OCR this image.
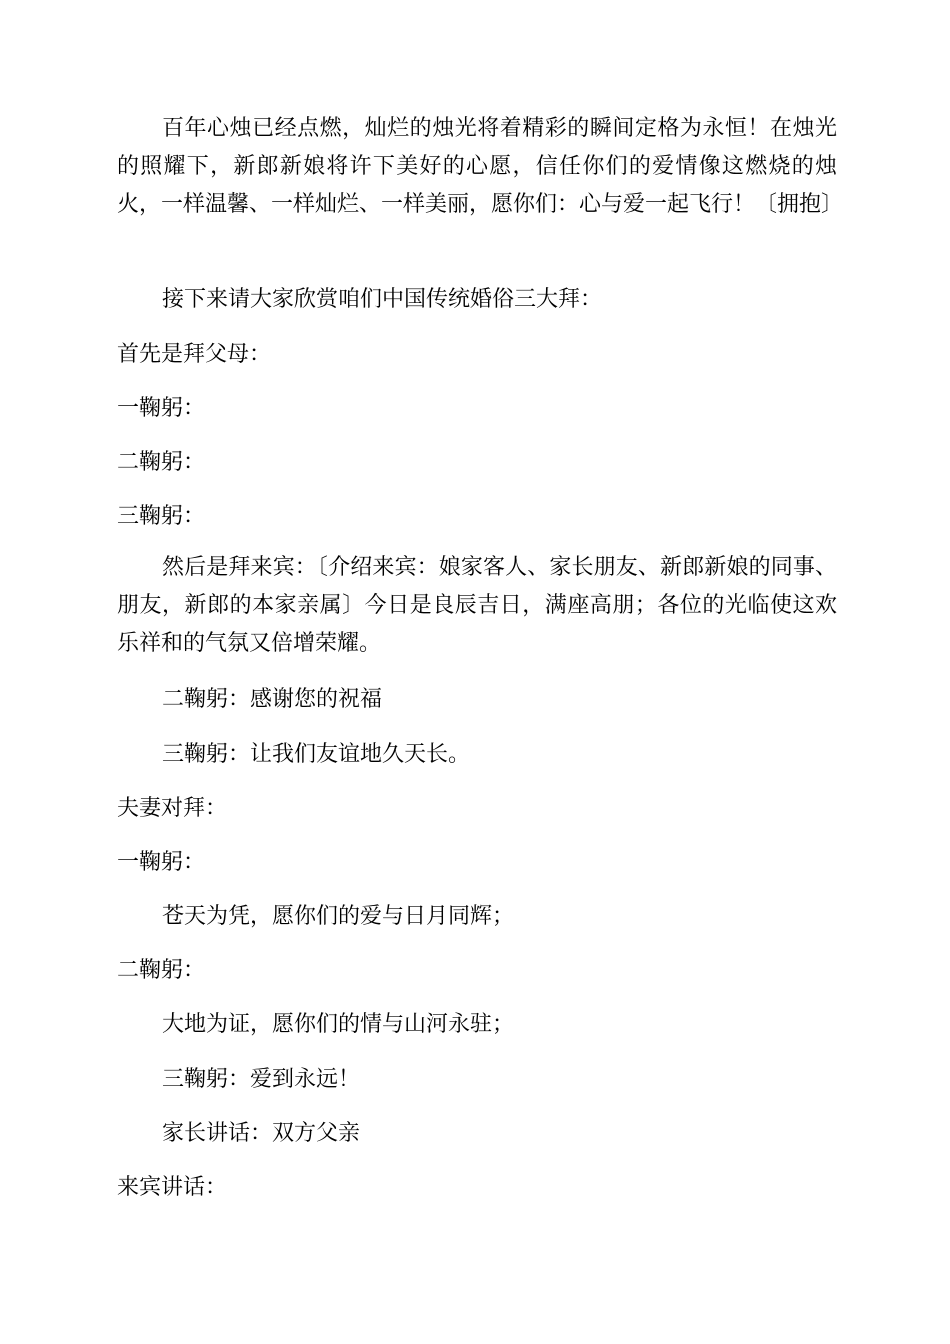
百年心烛已经点燃，灿烂的烛光将着精彩的瞬间定格为永恒！在烛光的照耀下，新郎新娘将许下美好的心愿，信任你们的爱情像这燃烧的烛火，一样温馨、一样灿烂、一样美丽，愿你们：心与爱一起飞行！〔拥抱〕
接下来请大家欣赏咱们中国传统婚俗三大拜：
首先是拜父母：
一鞠躬：
二鞠躬：
三鞠躬：
然后是拜来宾：〔介绍来宾：娘家客人、家长朋友、新郎新娘的同事、朋友，新郎的本家亲属〕今日是良辰吉日，满座高朋；各位的光临使这欢乐祥和的气氛又倍增荣耀。
二鞠躬：感谢您的祝福
三鞠躬：让我们友谊地久天长。
夫妻对拜：
一鞠躬：
苍天为凭，愿你们的爱与日月同辉；
二鞠躬：
大地为证，愿你们的情与山河永驻；
三鞠躬：爱到永远！
家长讲话：双方父亲
来宾讲话：
